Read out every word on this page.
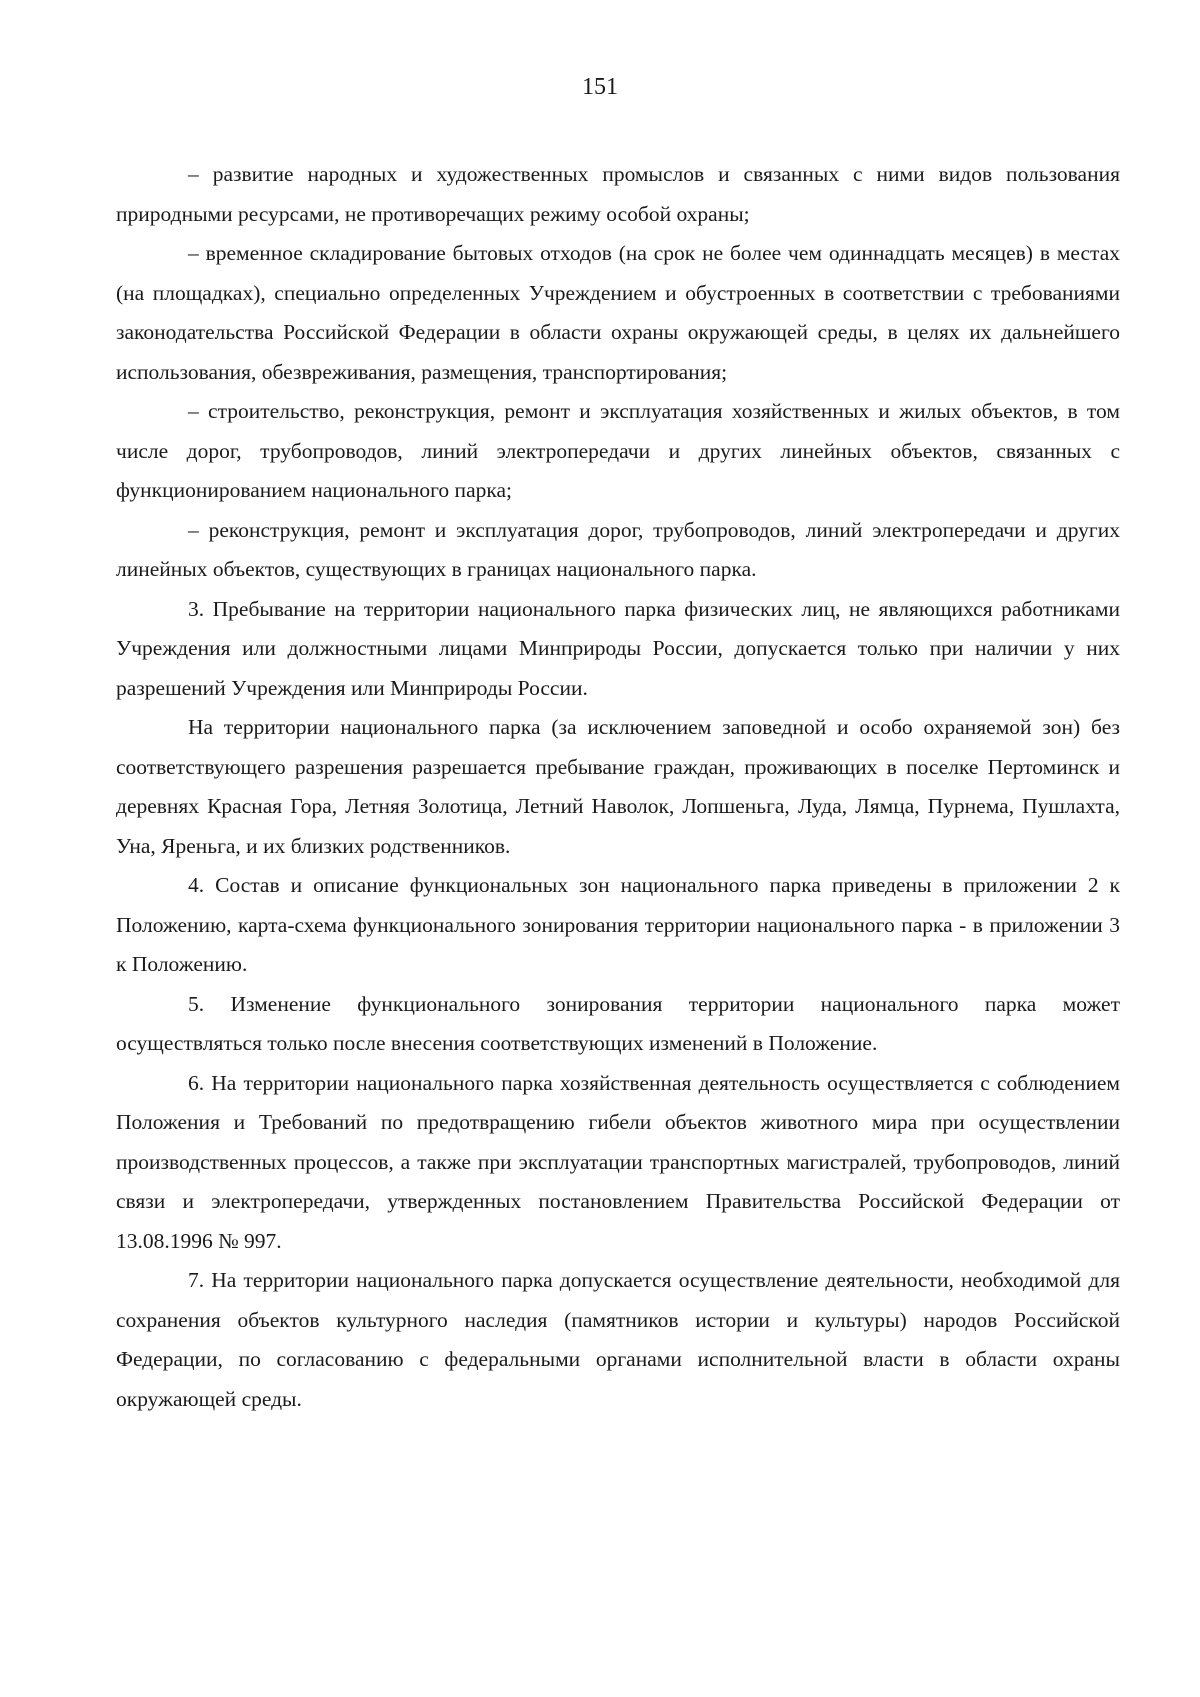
151

– развитие народных и художественных промыслов и связанных с ними видов пользования природными ресурсами, не противоречащих режиму особой охраны;

– временное складирование бытовых отходов (на срок не более чем одиннадцать месяцев) в местах (на площадках), специально определенных Учреждением и обустроенных в соответствии с требованиями законодательства Российской Федерации в области охраны окружающей среды, в целях их дальнейшего использования, обезвреживания, размещения, транспортирования;

– строительство, реконструкция, ремонт и эксплуатация хозяйственных и жилых объектов, в том числе дорог, трубопроводов, линий электропередачи и других линейных объектов, связанных с функционированием национального парка;

– реконструкция, ремонт и эксплуатация дорог, трубопроводов, линий электропередачи и других линейных объектов, существующих в границах национального парка.

3. Пребывание на территории национального парка физических лиц, не являющихся работниками Учреждения или должностными лицами Минприроды России, допускается только при наличии у них разрешений Учреждения или Минприроды России.

На территории национального парка (за исключением заповедной и особо охраняемой зон) без соответствующего разрешения разрешается пребывание граждан, проживающих в поселке Пертоминск и деревнях Красная Гора, Летняя Золотица, Летний Наволок, Лопшеньга, Луда, Лямца, Пурнема, Пушлахта, Уна, Яреньга, и их близких родственников.

4. Состав и описание функциональных зон национального парка приведены в приложении 2 к Положению, карта-схема функционального зонирования территории национального парка - в приложении 3 к Положению.

5. Изменение функционального зонирования территории национального парка может осуществляться только после внесения соответствующих изменений в Положение.

6. На территории национального парка хозяйственная деятельность осуществляется с соблюдением Положения и Требований по предотвращению гибели объектов животного мира при осуществлении производственных процессов, а также при эксплуатации транспортных магистралей, трубопроводов, линий связи и электропередачи, утвержденных постановлением Правительства Российской Федерации от 13.08.1996 № 997.

7. На территории национального парка допускается осуществление деятельности, необходимой для сохранения объектов культурного наследия (памятников истории и культуры) народов Российской Федерации, по согласованию с федеральными органами исполнительной власти в области охраны окружающей среды.
